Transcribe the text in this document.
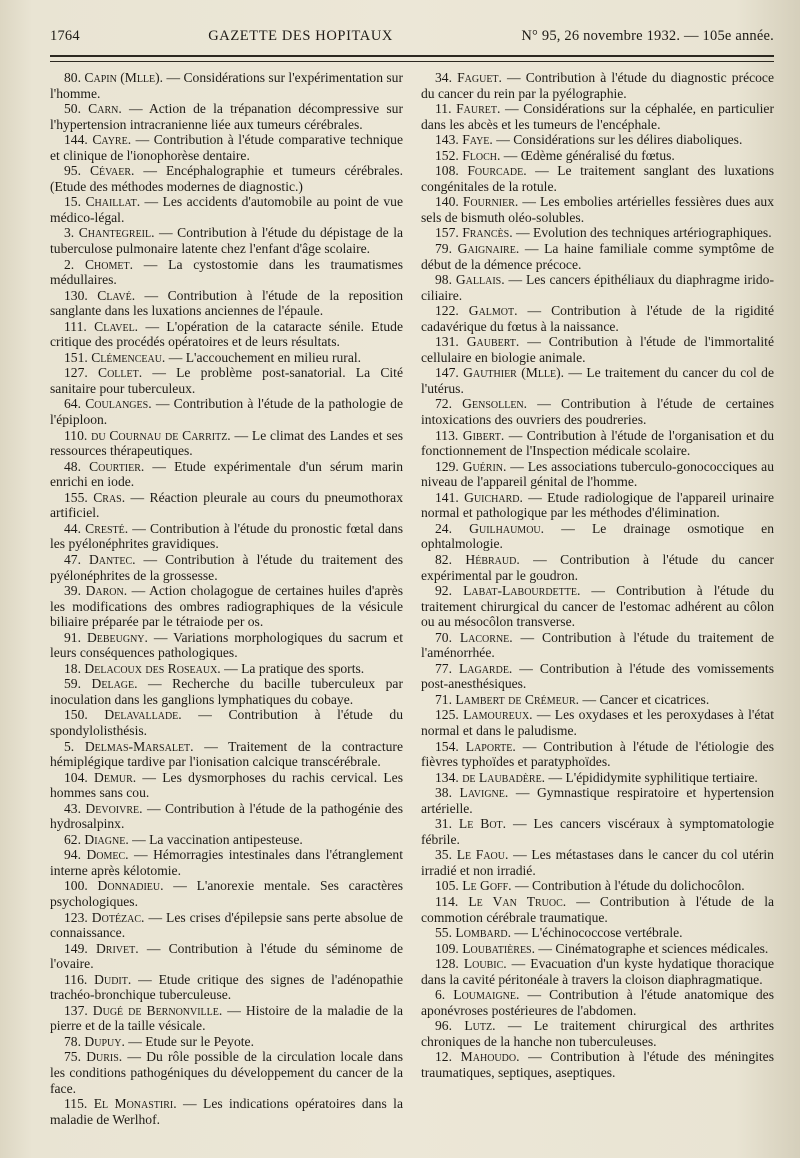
1764	GAZETTE DES HOPITAUX	N° 95, 26 novembre 1932. — 105e année.

80. Capin (Mlle). — Considérations sur l'expérimentation sur l'homme.

50. Carn. — Action de la trépanation décompressive sur l'hypertension intracranienne liée aux tumeurs cérébrales.

144. Cayre. — Contribution à l'étude comparative technique et clinique de l'ionophorèse dentaire.

95. Cévaer. — Encéphalographie et tumeurs cérébrales. (Etude des méthodes modernes de diagnostic.)

15. Chaillat. — Les accidents d'automobile au point de vue médico-légal.

3. Chantegreil. — Contribution à l'étude du dépistage de la tuberculose pulmonaire latente chez l'enfant d'âge scolaire.

2. Chomet. — La cystostomie dans les traumatismes médullaires.

130. Clavé. — Contribution à l'étude de la reposition sanglante dans les luxations anciennes de l'épaule.

111. Clavel. — L'opération de la cataracte sénile. Etude critique des procédés opératoires et de leurs résultats.

151. Clémenceau. — L'accouchement en milieu rural.

127. Collet. — Le problème post-sanatorial. La Cité sanitaire pour tuberculeux.

64. Coulanges. — Contribution à l'étude de la pathologie de l'épiploon.

110. du Cournau de Carritz. — Le climat des Landes et ses ressources thérapeutiques.

48. Courtier. — Etude expérimentale d'un sérum marin enrichi en iode.

155. Cras. — Réaction pleurale au cours du pneumothorax artificiel.

44. Cresté. — Contribution à l'étude du pronostic fœtal dans les pyélonéphrites gravidiques.

47. Dantec. — Contribution à l'étude du traitement des pyélonéphrites de la grossesse.

39. Daron. — Action cholagogue de certaines huiles d'après les modifications des ombres radiographiques de la vésicule biliaire préparée par le tétraiode per os.

91. Debeugny. — Variations morphologiques du sacrum et leurs conséquences pathologiques.

18. Delacoux des Roseaux. — La pratique des sports.

59. Delage. — Recherche du bacille tuberculeux par inoculation dans les ganglions lymphatiques du cobaye.

150. Delavallade. — Contribution à l'étude du spondylolisthésis.

5. Delmas-Marsalet. — Traitement de la contracture hémiplégique tardive par l'ionisation calcique transcérébrale.

104. Demur. — Les dysmorphoses du rachis cervical. Les hommes sans cou.

43. Devoivre. — Contribution à l'étude de la pathogénie des hydrosalpinx.

62. Diagne. — La vaccination antipesteuse.

94. Domec. — Hémorragies intestinales dans l'étranglement interne après kélotomie.

100. Donnadieu. — L'anorexie mentale. Ses caractères psychologiques.

123. Dotézac. — Les crises d'épilepsie sans perte absolue de connaissance.

149. Drivet. — Contribution à l'étude du séminome de l'ovaire.

116. Dudit. — Etude critique des signes de l'adénopathie trachéo-bronchique tuberculeuse.

137. Dugé de Bernonville. — Histoire de la maladie de la pierre et de la taille vésicale.

78. Dupuy. — Etude sur le Peyote.

75. Duris. — Du rôle possible de la circulation locale dans les conditions pathogéniques du développement du cancer de la face.

115. El Monastiri. — Les indications opératoires dans la maladie de Werlhof.

34. Faguet. — Contribution à l'étude du diagnostic précoce du cancer du rein par la pyélographie.

11. Fauret. — Considérations sur la céphalée, en particulier dans les abcès et les tumeurs de l'encéphale.

143. Faye. — Considérations sur les délires diaboliques.

152. Floch. — Œdème généralisé du fœtus.

108. Fourcade. — Le traitement sanglant des luxations congénitales de la rotule.

140. Fournier. — Les embolies artérielles fessières dues aux sels de bismuth oléo-solubles.

157. Francès. — Evolution des techniques artériographiques.

79. Gaignaire. — La haine familiale comme symptôme de début de la démence précoce.

98. Gallais. — Les cancers épithéliaux du diaphragme irido-ciliaire.

122. Galmot. — Contribution à l'étude de la rigidité cadavérique du fœtus à la naissance.

131. Gaubert. — Contribution à l'étude de l'immortalité cellulaire en biologie animale.

147. Gauthier (Mlle). — Le traitement du cancer du col de l'utérus.

72. Gensollen. — Contribution à l'étude de certaines intoxications des ouvriers des poudreries.

113. Gibert. — Contribution à l'étude de l'organisation et du fonctionnement de l'Inspection médicale scolaire.

129. Guérin. — Les associations tuberculo-gonococciques au niveau de l'appareil génital de l'homme.

141. Guichard. — Etude radiologique de l'appareil urinaire normal et pathologique par les méthodes d'élimination.

24. Guilhaumou. — Le drainage osmotique en ophtalmologie.

82. Hébraud. — Contribution à l'étude du cancer expérimental par le goudron.

92. Labat-Labourdette. — Contribution à l'étude du traitement chirurgical du cancer de l'estomac adhérent au côlon ou au mésocôlon transverse.

70. Lacorne. — Contribution à l'étude du traitement de l'aménorrhée.

77. Lagarde. — Contribution à l'étude des vomissements post-anesthésiques.

71. Lambert de Crémeur. — Cancer et cicatrices.

125. Lamoureux. — Les oxydases et les peroxydases à l'état normal et dans le paludisme.

154. Laporte. — Contribution à l'étude de l'étiologie des fièvres typhoïdes et paratyphoïdes.

134. de Laubadère. — L'épididymite syphilitique tertiaire.

38. Lavigne. — Gymnastique respiratoire et hypertension artérielle.

31. Le Bot. — Les cancers viscéraux à symptomatologie fébrile.

35. Le Faou. — Les métastases dans le cancer du col utérin irradié et non irradié.

105. Le Goff. — Contribution à l'étude du dolichocôlon.

114. Le Van Truoc. — Contribution à l'étude de la commotion cérébrale traumatique.

55. Lombard. — L'échinococcose vertébrale.

109. Loubatières. — Cinématographe et sciences médicales.

128. Loubic. — Evacuation d'un kyste hydatique thoracique dans la cavité péritonéale à travers la cloison diaphragmatique.

6. Loumaigne. — Contribution à l'étude anatomique des aponévroses postérieures de l'abdomen.

96. Lutz. — Le traitement chirurgical des arthrites chroniques de la hanche non tuberculeuses.

12. Mahoudo. — Contribution à l'étude des méningites traumatiques, septiques, aseptiques.
